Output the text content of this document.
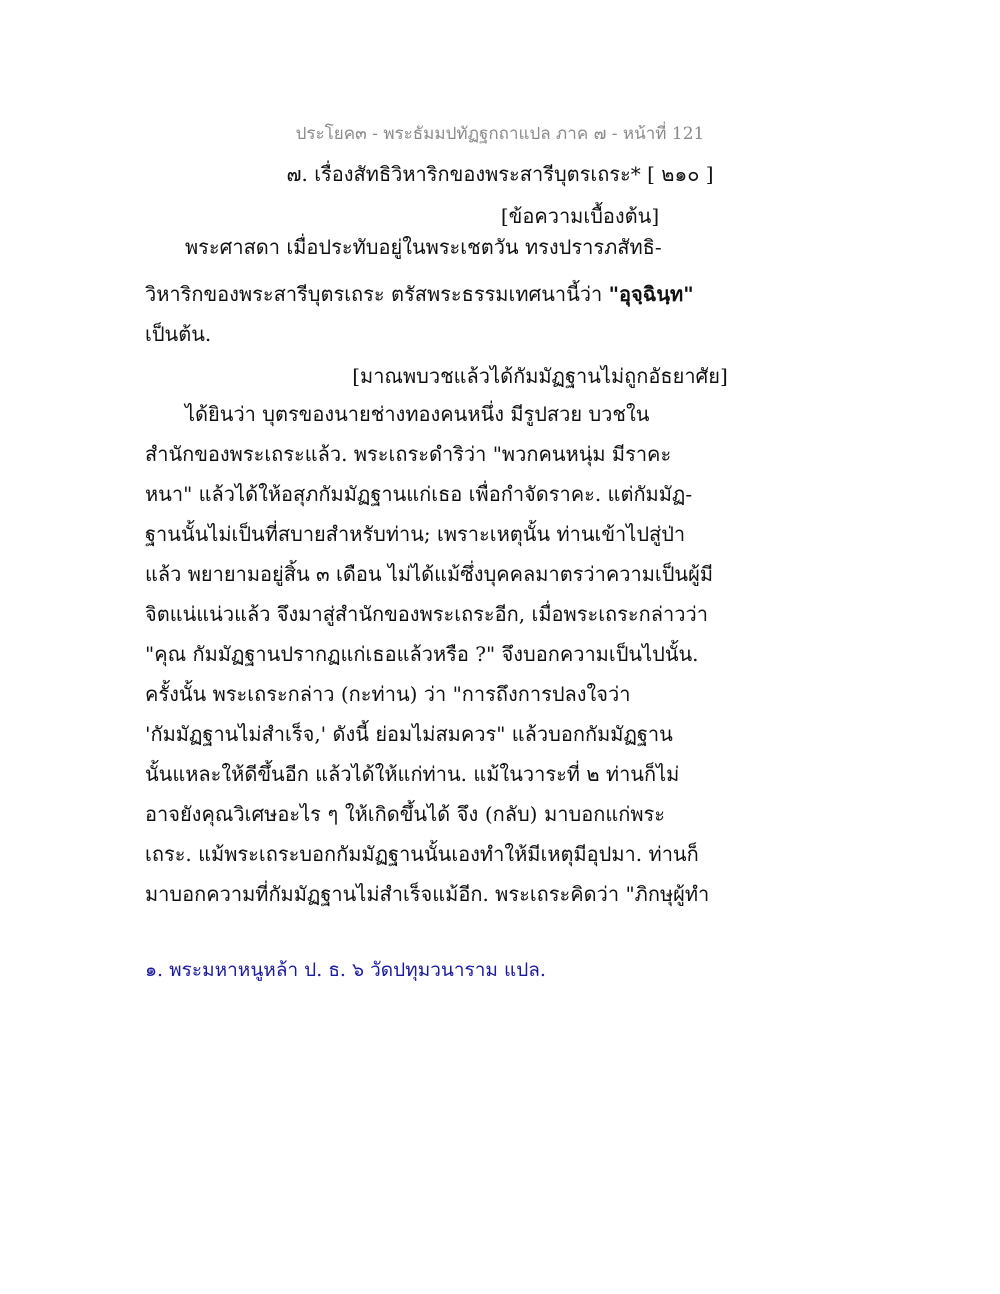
ประโยค๓ - พระธัมมปทัฏฐกถาแปล ภาค ๗ - หน้าที่ 121
๗. เรื่องสัทธิวิหาริกของพระสารีบุตรเถระ* [ ๒๑๐ ]
[ข้อความเบื้องต้น]
พระศาสดา เมื่อประทับอยู่ในพระเชตวัน ทรงปรารภสัทธิ-
วิหาริกของพระสารีบุตรเถระ ตรัสพระธรรมเทศนานี้ว่า "อุจฺฉินฺท"
เป็นต้น.
[มาณพบวชแล้วได้กัมมัฏฐานไม่ถูกอัธยาศัย]
ได้ยินว่า บุตรของนายช่างทองคนหนึ่ง มีรูปสวย บวชใน
สำนักของพระเถระแล้ว. พระเถระดำริว่า "พวกคนหนุ่ม มีราคะ
หนา" แล้วได้ให้อสุภกัมมัฏฐานแก่เธอ เพื่อกำจัดราคะ. แต่กัมมัฏ-
ฐานนั้นไม่เป็นที่สบายสำหรับท่าน; เพราะเหตุนั้น ท่านเข้าไปสู่ป่า
แล้ว พยายามอยู่สิ้น ๓ เดือน ไม่ได้แม้ซึ่งบุคคลมาตรว่าความเป็นผู้มี
จิตแน่แน่วแล้ว จึงมาสู่สำนักของพระเถระอีก, เมื่อพระเถระกล่าวว่า
"คุณ กัมมัฏฐานปรากฏแก่เธอแล้วหรือ ?" จึงบอกความเป็นไปนั้น.
ครั้งนั้น พระเถระกล่าว (กะท่าน) ว่า "การถึงการปลงใจว่า
'กัมมัฏฐานไม่สำเร็จ,' ดังนี้ ย่อมไม่สมควร" แล้วบอกกัมมัฏฐาน
นั้นแหละให้ดีขึ้นอีก แล้วได้ให้แก่ท่าน. แม้ในวาระที่ ๒ ท่านก็ไม่
อาจยังคุณวิเศษอะไร ๆ ให้เกิดขึ้นได้ จึง (กลับ) มาบอกแก่พระ
เถระ. แม้พระเถระบอกกัมมัฏฐานนั้นเองทำให้มีเหตุมีอุปมา. ท่านก็
มาบอกความที่กัมมัฏฐานไม่สำเร็จแม้อีก. พระเถระคิดว่า "ภิกษุผู้ทำ
๑. พระมหาหนูหล้า ป. ธ. ๖ วัดปทุมวนาราม แปล.
